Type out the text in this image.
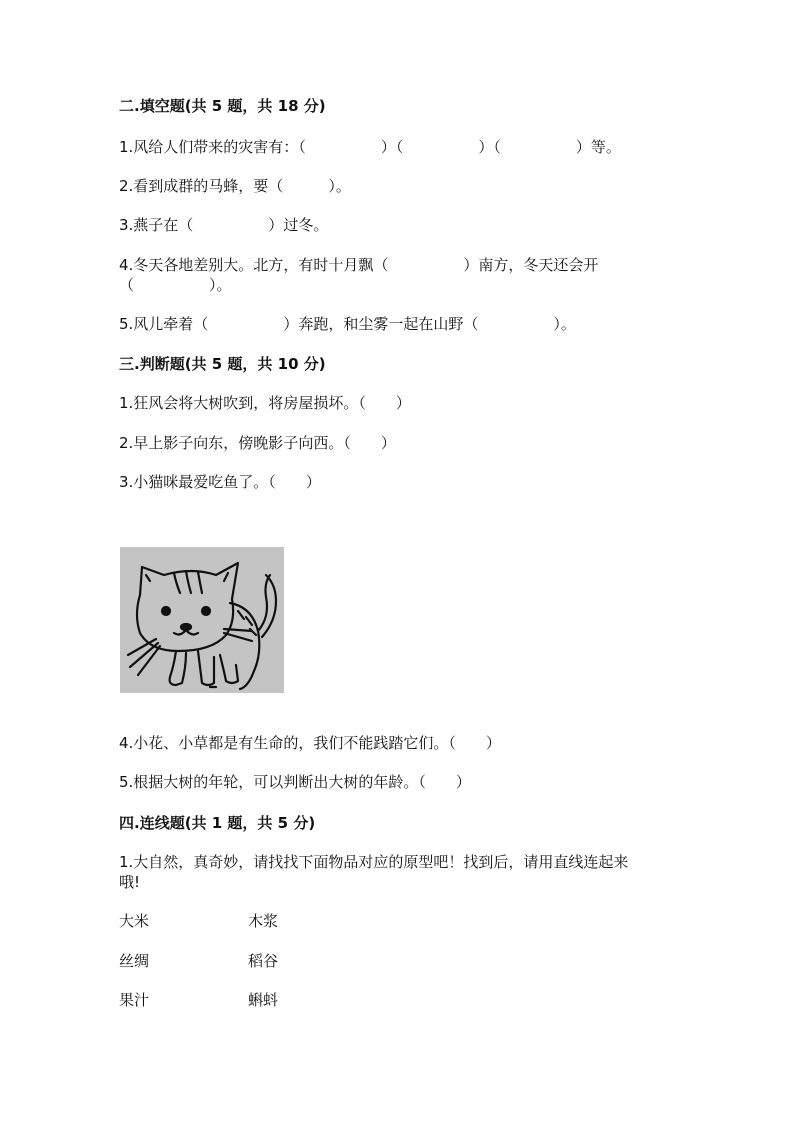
二.填空题(共 5 题，共 18 分)
1.风给人们带来的灾害有：（　　　　　）（　　　　　）（　　　　　）等。
2.看到成群的马蜂，要（　　　）。
3.燕子在（　　　　　）过冬。
4.冬天各地差别大。北方，有时十月飘（　　　　　）南方，冬天还会开
（　　　　　）。
5.风儿牵着（　　　　　）奔跑，和尘雾一起在山野（　　　　　）。
三.判断题(共 5 题，共 10 分)
1.狂风会将大树吹到，将房屋损坏。（　　）
2.早上影子向东，傍晚影子向西。（　　）
3.小猫咪最爱吃鱼了。（　　）
4.小花、小草都是有生命的，我们不能践踏它们。（　　）
5.根据大树的年轮，可以判断出大树的年龄。（　　）
四.连线题(共 1 题，共 5 分)
1.大自然，真奇妙，请找找下面物品对应的原型吧！找到后，请用直线连起来
哦!
大米	木浆
丝绸	稻谷
果汁	蝌蚪
